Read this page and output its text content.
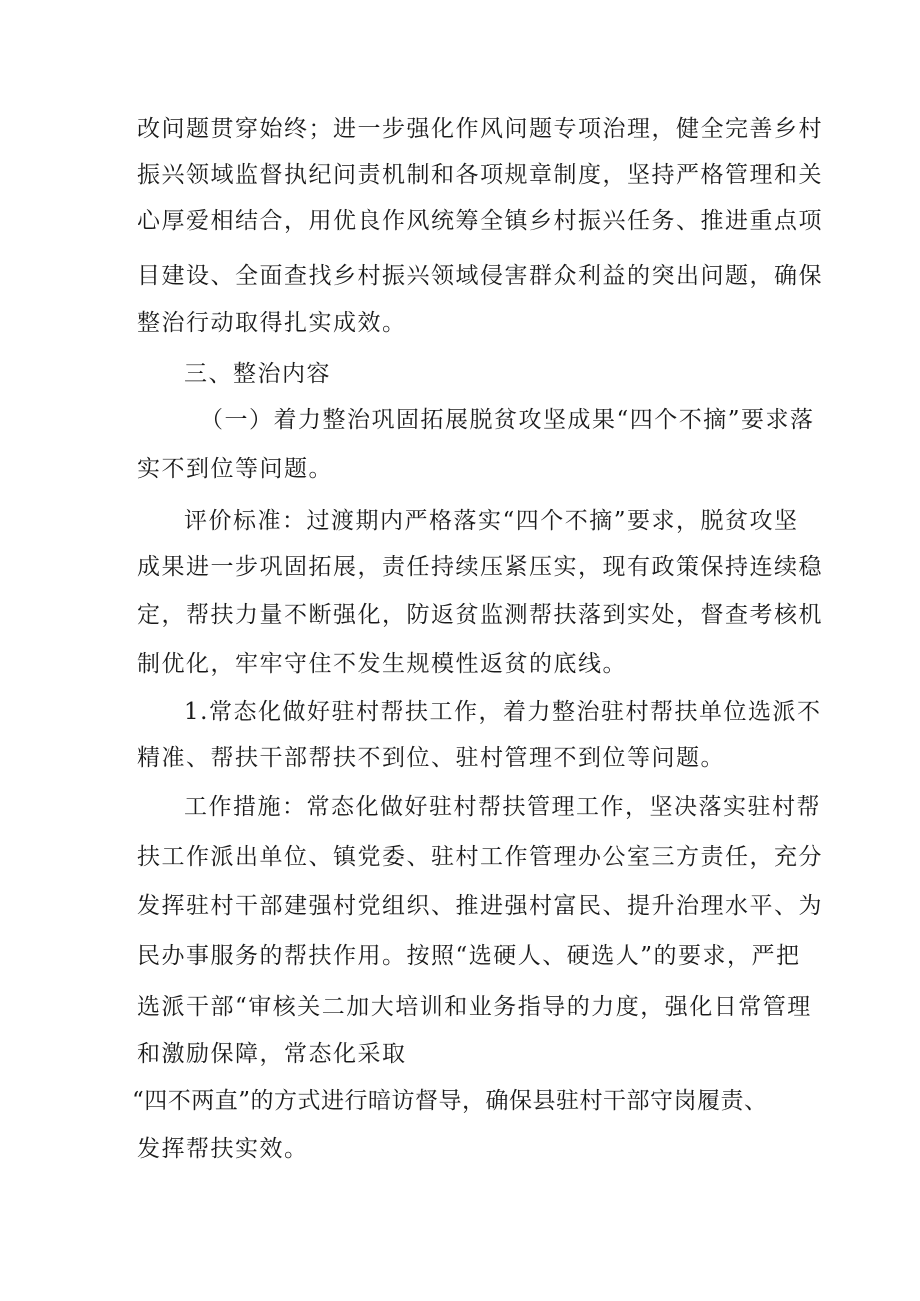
改问题贯穿始终；进一步强化作风问题专项治理，健全完善乡村
振兴领域监督执纪问责机制和各项规章制度，坚持严格管理和关
心厚爱相结合，用优良作风统筹全镇乡村振兴任务、推进重点项
目建设、全面查找乡村振兴领域侵害群众利益的突出问题，确保
整治行动取得扎实成效。
三、整治内容
（一）着力整治巩固拓展脱贫攻坚成果“四个不摘”要求落
实不到位等问题。
评价标准：过渡期内严格落实“四个不摘”要求，脱贫攻坚
成果进一步巩固拓展，责任持续压紧压实，现有政策保持连续稳
定，帮扶力量不断强化，防返贫监测帮扶落到实处，督查考核机
制优化，牢牢守住不发生规模性返贫的底线。
1.常态化做好驻村帮扶工作，着力整治驻村帮扶单位选派不
精准、帮扶干部帮扶不到位、驻村管理不到位等问题。
工作措施：常态化做好驻村帮扶管理工作，坚决落实驻村帮
扶工作派出单位、镇党委、驻村工作管理办公室三方责任，充分
发挥驻村干部建强村党组织、推进强村富民、提升治理水平、为
民办事服务的帮扶作用。按照“选硬人、硬选人”的要求，严把
选派干部“审核关二加大培训和业务指导的力度，强化日常管理
和激励保障，常态化采取
“四不两直”的方式进行暗访督导，确保县驻村干部守岗履责、
发挥帮扶实效。
